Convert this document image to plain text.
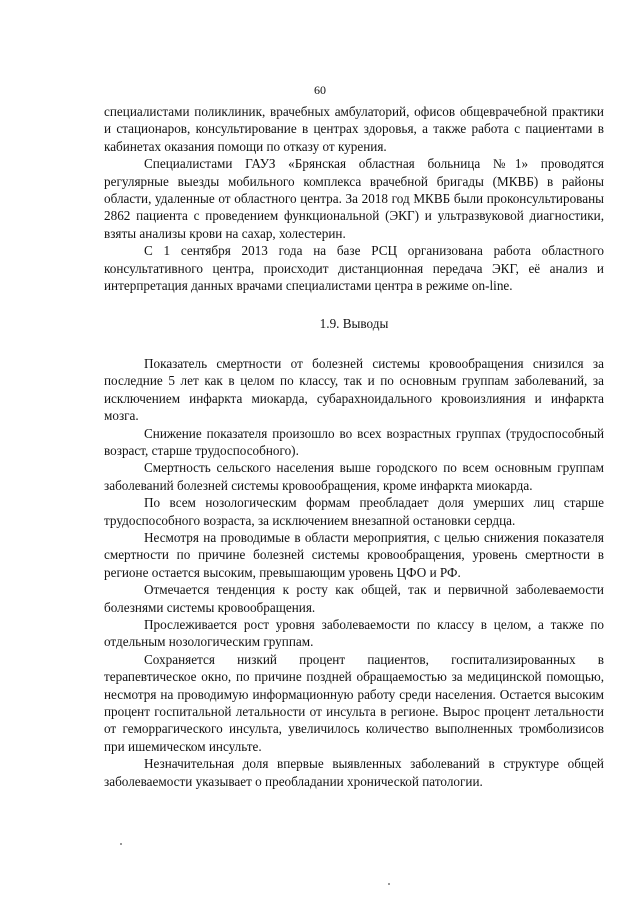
60

специалистами поликлиник, врачебных амбулаторий, офисов общеврачебной практики и стационаров, консультирование в центрах здоровья, а также работа с пациентами в кабинетах оказания помощи по отказу от курения.

Специалистами ГАУЗ «Брянская областная больница №1» проводятся регулярные выезды мобильного комплекса врачебной бригады (МКВБ) в районы области, удаленные от областного центра. За 2018 год МКВБ были проконсультированы 2862 пациента с проведением функциональной (ЭКГ) и ультразвуковой диагностики, взяты анализы крови на сахар, холестерин.

С 1 сентября 2013 года на базе РСЦ организована работа областного консультативного центра, происходит дистанционная передача ЭКГ, её анализ и интерпретация данных врачами специалистами центра в режиме on-line.

1.9. Выводы

Показатель смертности от болезней системы кровообращения снизился за последние 5 лет как в целом по классу, так и по основным группам заболеваний, за исключением инфаркта миокарда, субарахноидального кровоизлияния и инфаркта мозга.

Снижение показателя произошло во всех возрастных группах (трудоспособный возраст, старше трудоспособного).

Смертность сельского населения выше городского по всем основным группам заболеваний болезней системы кровообращения, кроме инфаркта миокарда.

По всем нозологическим формам преобладает доля умерших лиц старше трудоспособного возраста, за исключением внезапной остановки сердца.

Несмотря на проводимые в области мероприятия, с целью снижения показателя смертности по причине болезней системы кровообращения, уровень смертности в регионе остается высоким, превышающим уровень ЦФО и РФ.

Отмечается тенденция к росту как общей, так и первичной заболеваемости болезнями системы кровообращения.

Прослеживается рост уровня заболеваемости по классу в целом, а также по отдельным нозологическим группам.

Сохраняется низкий процент пациентов, госпитализированных в терапевтическое окно, по причине поздней обращаемостью за медицинской помощью, несмотря на проводимую информационную работу среди населения. Остается высоким процент госпитальной летальности от инсульта в регионе. Вырос процент летальности от геморрагического инсульта, увеличилось количество выполненных тромболизисов при ишемическом инсульте.

Незначительная доля впервые выявленных заболеваний в структуре общей заболеваемости указывает о преобладании хронической патологии.
